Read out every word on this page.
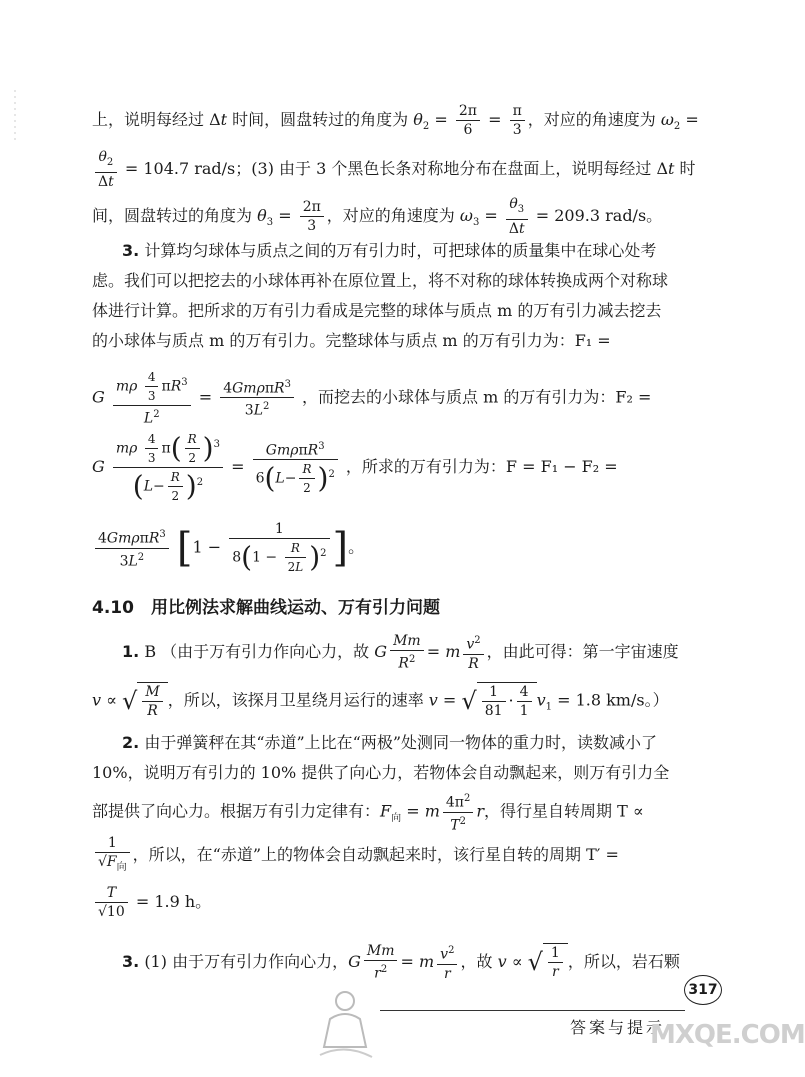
上，说明每经过 Δt 时间，圆盘转过的角度为 $\theta_2 = \frac{2\pi}{6} = \frac{\pi}{3}$ ，对应的角速度为 $\omega_2$ =
$\frac{\theta_2}{\Delta t} = 104.7$ rad/s；(3) 由于 3 个黑色长条对称地分布在盘面上，说明每经过 Δt 时
间，圆盘转过的角度为 $\theta_3 = \frac{2\pi}{3}$ ，对应的角速度为 $\omega_3 = \frac{\theta_3}{\Delta t} = 209.3$ rad/s。
3. 计算均匀球体与质点之间的万有引力时，可把球体的质量集中在球心处考
虑。我们可以把挖去的小球体再补在原位置上，将不对称的球体转换成两个对称球
体进行计算。把所求的万有引力看成是完整的球体与质点 m 的万有引力减去挖去
的小球体与质点 m 的万有引力。完整球体与质点 m 的万有引力为：F₁ =
G $\frac{m\rho \frac{4}{3} \pi R^3}{L^2} = \frac{4Gm\rho\pi R^3}{3L^2}$ ，而挖去的小球体与质点 m 的万有引力为：F₂ =
G $\frac{m\rho \frac{4}{3} \pi( \frac{R}{2} )^3}{(L- \frac{R}{2} )^2} = \frac{Gm\rho\pi R^3}{6(L- \frac{R}{2} )^2}$ ，所求的万有引力为：F = F₁ − F₂ =
$\frac{4Gm\rho\pi R^3}{3L^2} [1 - \frac{1}{8(1 - \frac{R}{2L} )^2}$ ]。
4.10　用比例法求解曲线运动、万有引力问题
1. B （由于万有引力作向心力，故 G $\frac{Mm}{R^2} = m \frac{v^2}{R}$ ，由此可得：第一宇宙速度
v ∝ √ $\frac{M}{R}$ ，所以，该探月卫星绕月运行的速率 v = √ $\frac{1}{81} \cdot \frac{4}{1} v_1 = 1.8$ km/s。）
2. 由于弹簧秤在其“赤道”上比在“两极”处测同一物体的重力时，读数减小了
10%，说明万有引力的 10% 提供了向心力，若物体会自动飘起来，则万有引力全
部提供了向心力。根据万有引力定律有：$F_向 = m \frac{4\pi^2}{T^2}$ r，得行星自转周期 T ∝
$\frac{1}{√F_向}$ ，所以，在“赤道”上的物体会自动飘起来时，该行星自转的周期 T′ =
$\frac{T}{√10} = 1.9$ h。
3. (1) 由于万有引力作向心力，G $\frac{Mm}{r^2} = m \frac{v^2}{r}$ ，故 v ∝ √ $\frac{1}{r}$ ，所以，岩石颗
317
答案与提示
MXQE.COM
